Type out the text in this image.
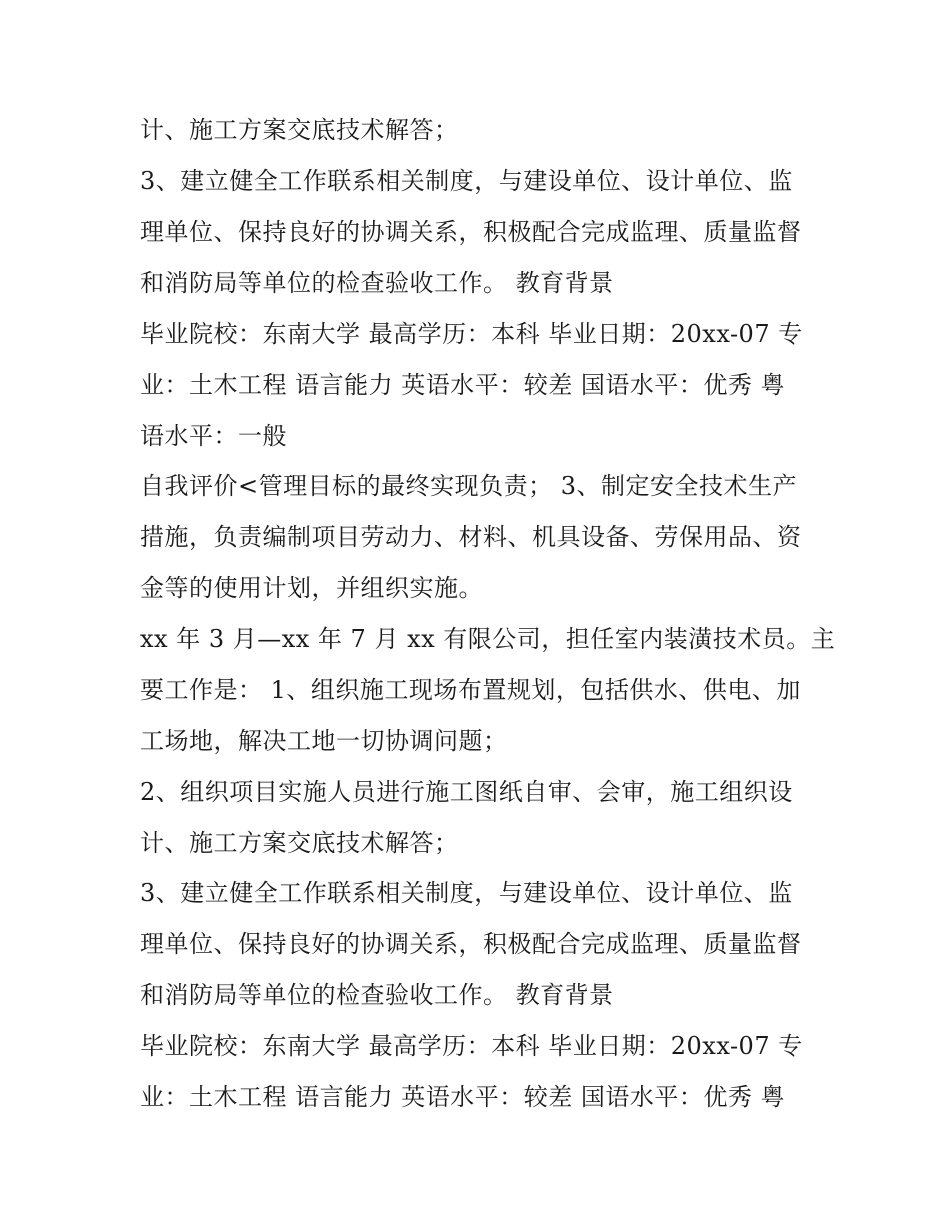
计、施工方案交底技术解答；
3、建立健全工作联系相关制度，与建设单位、设计单位、监
理单位、保持良好的协调关系，积极配合完成监理、质量监督
和消防局等单位的检查验收工作。 教育背景
毕业院校：东南大学 最高学历：本科 毕业日期：20xx-07 专
业：土木工程 语言能力 英语水平：较差 国语水平：优秀 粤
语水平：一般
自我评价<管理目标的最终实现负责； 3、制定安全技术生产
措施，负责编制项目劳动力、材料、机具设备、劳保用品、资
金等的使用计划，并组织实施。
xx 年 3 月—xx 年 7 月 xx 有限公司，担任室内装潢技术员。主
要工作是： 1、组织施工现场布置规划，包括供水、供电、加
工场地，解决工地一切协调问题；
2、组织项目实施人员进行施工图纸自审、会审，施工组织设
计、施工方案交底技术解答；
3、建立健全工作联系相关制度，与建设单位、设计单位、监
理单位、保持良好的协调关系，积极配合完成监理、质量监督
和消防局等单位的检查验收工作。 教育背景
毕业院校：东南大学 最高学历：本科 毕业日期：20xx-07 专
业：土木工程 语言能力 英语水平：较差 国语水平：优秀 粤
